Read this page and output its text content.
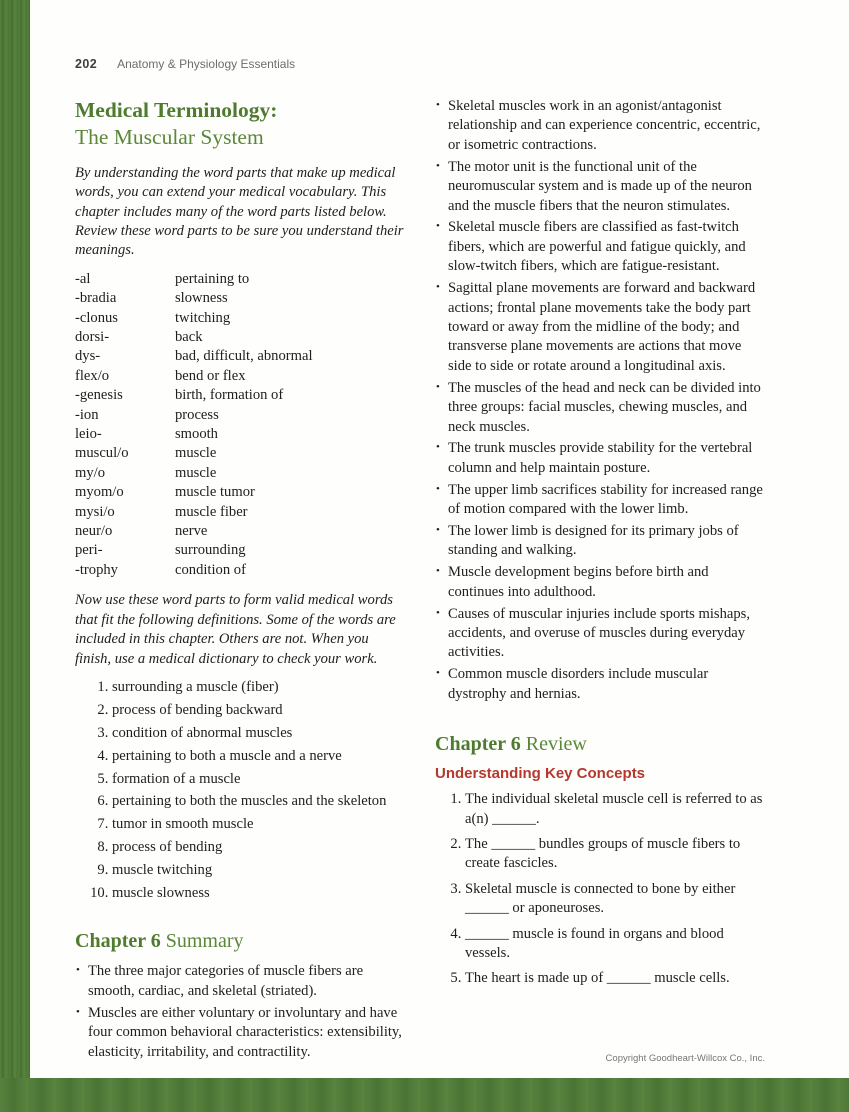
202 Anatomy & Physiology Essentials
Medical Terminology:
The Muscular System

By understanding the word parts that make up medical words, you can extend your medical vocabulary. This chapter includes many of the word parts listed below. Review these word parts to be sure you understand their meanings.

-al	pertaining to
-bradia	slowness
-clonus	twitching
dorsi-	back
dys-	bad, difficult, abnormal
flex/o	bend or flex
-genesis	birth, formation of
-ion	process
leio-	smooth
muscul/o	muscle
my/o	muscle
myom/o	muscle tumor
mysi/o	muscle fiber
neur/o	nerve
peri-	surrounding
-trophy	condition of

Now use these word parts to form valid medical words that fit the following definitions. Some of the words are included in this chapter. Others are not. When you finish, use a medical dictionary to check your work.

1. surrounding a muscle (fiber)
2. process of bending backward
3. condition of abnormal muscles
4. pertaining to both a muscle and a nerve
5. formation of a muscle
6. pertaining to both the muscles and the skeleton
7. tumor in smooth muscle
8. process of bending
9. muscle twitching
10. muscle slowness
Chapter 6 Summary
• The three major categories of muscle fibers are smooth, cardiac, and skeletal (striated).
• Muscles are either voluntary or involuntary and have four common behavioral characteristics: extensibility, elasticity, irritability, and contractility.
• Skeletal muscles work in an agonist/antagonist relationship and can experience concentric, eccentric, or isometric contractions.
• The motor unit is the functional unit of the neuromuscular system and is made up of the neuron and the muscle fibers that the neuron stimulates.
• Skeletal muscle fibers are classified as fast-twitch fibers, which are powerful and fatigue quickly, and slow-twitch fibers, which are fatigue-resistant.
• Sagittal plane movements are forward and backward actions; frontal plane movements take the body part toward or away from the midline of the body; and transverse plane movements are actions that move side to side or rotate around a longitudinal axis.
• The muscles of the head and neck can be divided into three groups: facial muscles, chewing muscles, and neck muscles.
• The trunk muscles provide stability for the vertebral column and help maintain posture.
• The upper limb sacrifices stability for increased range of motion compared with the lower limb.
• The lower limb is designed for its primary jobs of standing and walking.
• Muscle development begins before birth and continues into adulthood.
• Causes of muscular injuries include sports mishaps, accidents, and overuse of muscles during everyday activities.
• Common muscle disorders include muscular dystrophy and hernias.
Chapter 6 Review
Understanding Key Concepts
1. The individual skeletal muscle cell is referred to as a(n) ______.
2. The ______ bundles groups of muscle fibers to create fascicles.
3. Skeletal muscle is connected to bone by either ______ or aponeuroses.
4. ______ muscle is found in organs and blood vessels.
5. The heart is made up of ______ muscle cells.
Copyright Goodheart-Willcox Co., Inc.
